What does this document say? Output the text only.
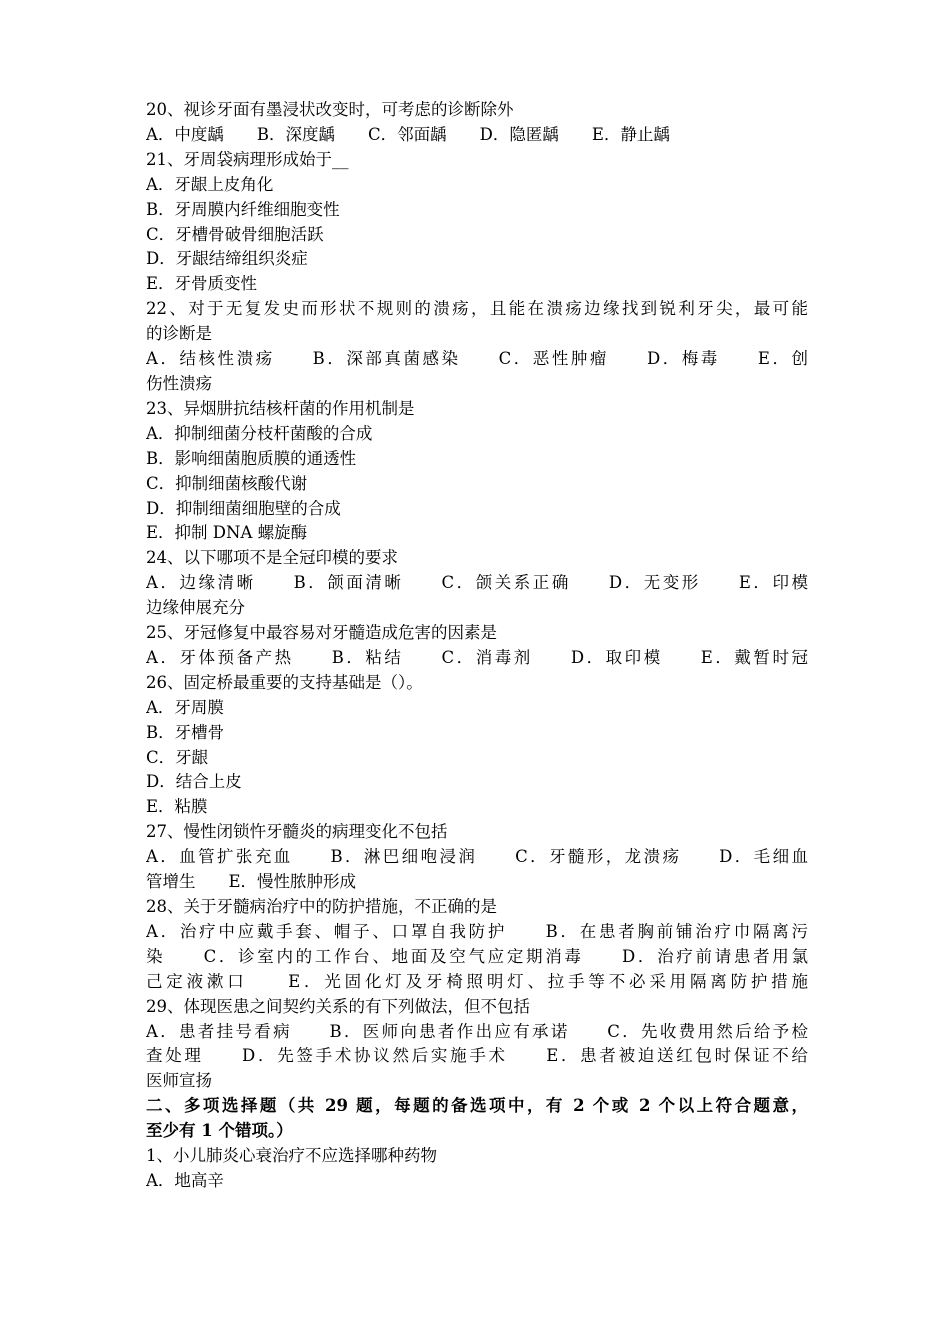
20、视诊牙面有墨浸状改变时，可考虑的诊断除外
A．中度龋　　B．深度龋　　C．邻面龋　　D．隐匿龋　　E．静止龋
21、牙周袋病理形成始于__
A．牙龈上皮角化
B．牙周膜内纤维细胞变性
C．牙槽骨破骨细胞活跃
D．牙龈结缔组织炎症
E．牙骨质变性
22、对于无复发史而形状不规则的溃疡，且能在溃疡边缘找到锐利牙尖，最可能
的诊断是
A．结核性溃疡　　B．深部真菌感染　　C．恶性肿瘤　　D．梅毒　　E．创
伤性溃疡
23、异烟肼抗结核杆菌的作用机制是
A．抑制细菌分枝杆菌酸的合成
B．影响细菌胞质膜的通透性
C．抑制细菌核酸代谢
D．抑制细菌细胞壁的合成
E．抑制 DNA 螺旋酶
24、以下哪项不是全冠印模的要求
A．边缘清晰　　B．颌面清晰　　C．颌关系正确　　D．无变形　　E．印模
边缘伸展充分
25、牙冠修复中最容易对牙髓造成危害的因素是
A．牙体预备产热　　B．粘结　　C．消毒剂　　D．取印模　　E．戴暂时冠
26、固定桥最重要的支持基础是（）。
A．牙周膜
B．牙槽骨
C．牙龈
D．结合上皮
E．粘膜
27、慢性闭锁忤牙髓炎的病理变化不包括
A．血管扩张充血　　B．淋巴细咆浸润　　C．牙髓形，龙溃疡　　D．毛细血
管增生　　E．慢性脓肿形成
28、关于牙髓病治疗中的防护措施，不正确的是
A．治疗中应戴手套、帽子、口罩自我防护　　B．在患者胸前铺治疗巾隔离污
染　　C．诊室内的工作台、地面及空气应定期消毒　　D．治疗前请患者用氯
己定液漱口　　E．光固化灯及牙椅照明灯、拉手等不必采用隔离防护措施
29、体现医患之间契约关系的有下列做法，但不包括
A．患者挂号看病　　B．医师向患者作出应有承诺　　C．先收费用然后给予检
查处理　　D．先签手术协议然后实施手术　　E．患者被迫送红包时保证不给
医师宣扬
二、多项选择题（共 29 题，每题的备选项中，有 2 个或 2 个以上符合题意，
至少有 1 个错项。）
1、小儿肺炎心衰治疗不应选择哪种药物
A．地高辛
